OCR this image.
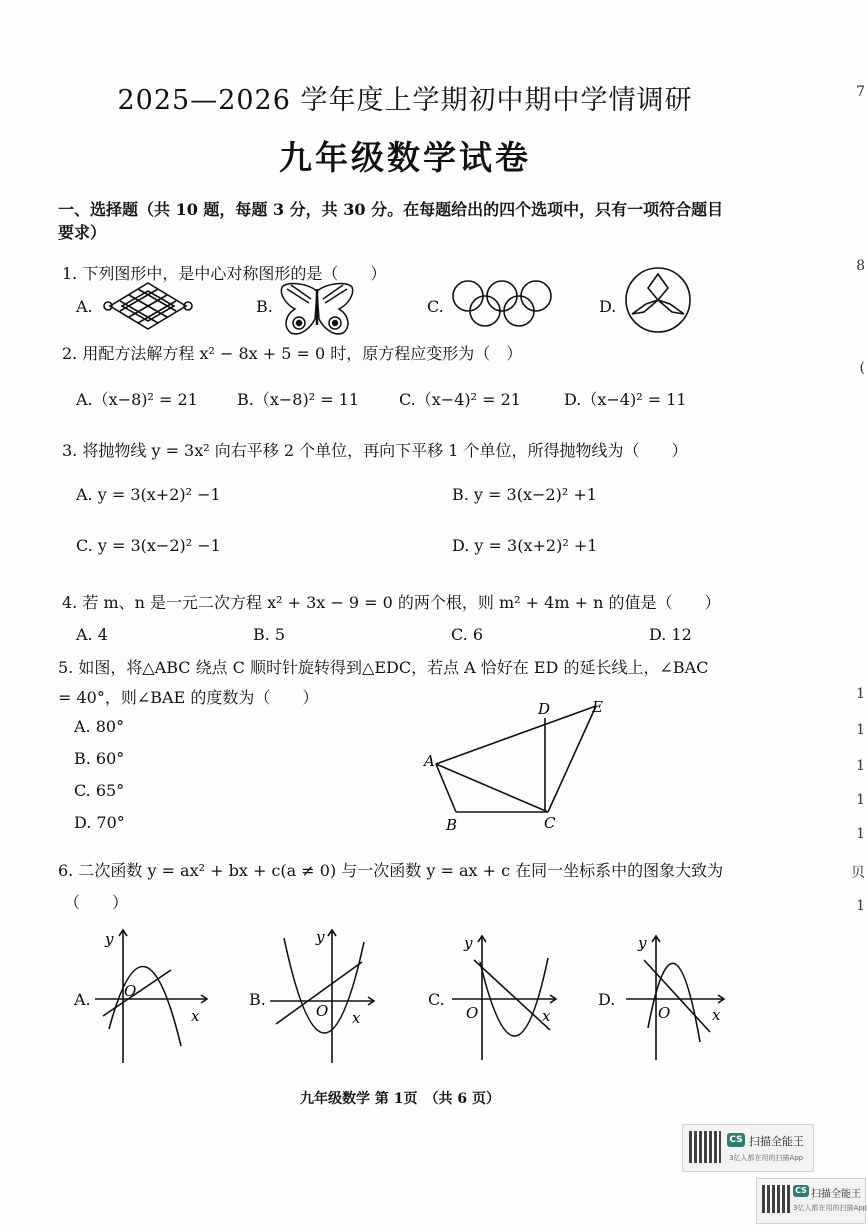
2025—2026 学年度上学期初中期中学情调研
九年级数学试卷
一、选择题（共 10 题，每题 3 分，共 30 分。在每题给出的四个选项中，只有一项符合题目
要求）
1. 下列图形中，是中心对称图形的是（　　）
A.	B.	C.	D.
2. 用配方法解方程 x² − 8x + 5 = 0 时，原方程应变形为（　）
A.（x−8)² = 21 B.（x−8)² = 11 C.（x−4)² = 21	D.（x−4)² = 11
3. 将抛物线 y = 3x² 向右平移 2 个单位，再向下平移 1 个单位，所得抛物线为（　　）
A. y = 3(x+2)² −1	B. y = 3(x−2)² +1
C. y = 3(x−2)² −1	D. y = 3(x+2)² +1
4. 若 m、n 是一元二次方程 x² + 3x − 9 = 0 的两个根，则 m² + 4m + n 的值是（　　）
A. 4	B. 5	C. 6	D. 12
5. 如图，将△ABC 绕点 C 顺时针旋转得到△EDC，若点 A 恰好在 ED 的延长线上，∠BAC
= 40°，则∠BAE 的度数为（　　）
A. 80°
B. 60°
C. 65°
D. 70°
A
B	C
D	E
6. 二次函数 y = ax² + bx + c(a ≠ 0) 与一次函数 y = ax + c 在同一坐标系中的图象大致为
（　　）
A.	B.	C.	D.
y
x
O
y
x
O
y
x
O
y
x
O
九年级数学 第 1页　（共 6 页）
CS 扫描全能王
3亿人都在用的扫描App
CS 扫描全能王
3亿人都在用的扫描App
7
8
(
1
1
1
1
1
贝
1
